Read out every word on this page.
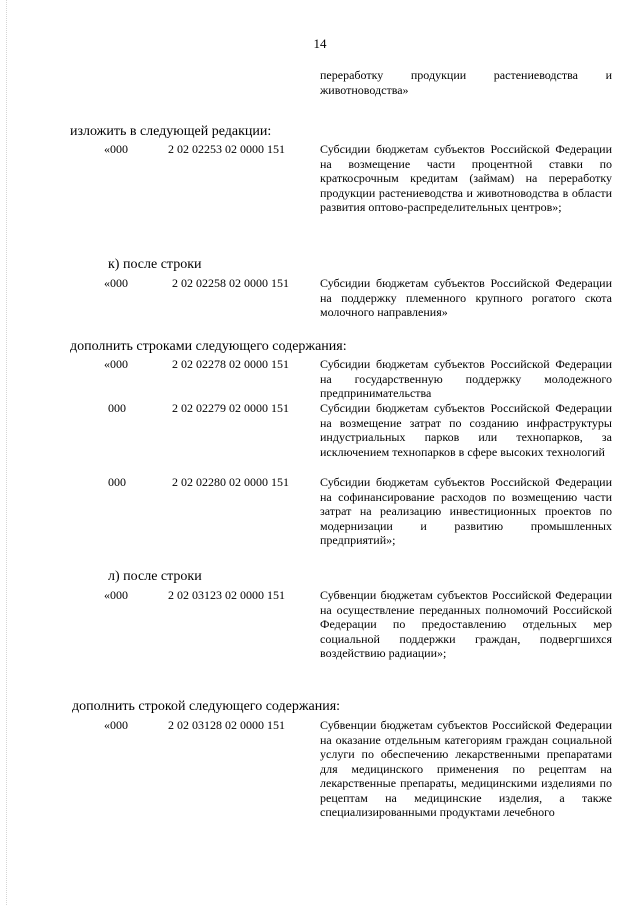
14
переработку продукции растениеводства и животноводства»
изложить в следующей редакции:
«000	2 02 02253 02 0000 151	Субсидии бюджетам субъектов Российской Федерации на возмещение части процентной ставки по краткосрочным кредитам (займам) на переработку продукции растениеводства и животноводства в области развития оптово-распределительных центров»;
к) после строки
«000	2 02 02258 02 0000 151	Субсидии бюджетам субъектов Российской Федерации на поддержку племенного крупного рогатого скота молочного направления»
дополнить строками следующего содержания:
«000	2 02 02278 02 0000 151	Субсидии бюджетам субъектов Российской Федерации на государственную поддержку молодежного предпринимательства
000	2 02 02279 02 0000 151	Субсидии бюджетам субъектов Российской Федерации на возмещение затрат по созданию инфраструктуры индустриальных парков или технопарков, за исключением технопарков в сфере высоких технологий
000	2 02 02280 02 0000 151	Субсидии бюджетам субъектов Российской Федерации на софинансирование расходов по возмещению части затрат на реализацию инвестиционных проектов по модернизации и развитию промышленных предприятий»;
л) после строки
«000	2 02 03123 02 0000 151	Субвенции бюджетам субъектов Российской Федерации на осуществление переданных полномочий Российской Федерации по предоставлению отдельных мер социальной поддержки граждан, подвергшихся воздействию радиации»;
дополнить строкой следующего содержания:
«000	2 02 03128 02 0000 151	Субвенции бюджетам субъектов Российской Федерации на оказание отдельным категориям граждан социальной услуги по обеспечению лекарственными препаратами для медицинского применения по рецептам на лекарственные препараты, медицинскими изделиями по рецептам на медицинские изделия, а также специализированными продуктами лечебного
